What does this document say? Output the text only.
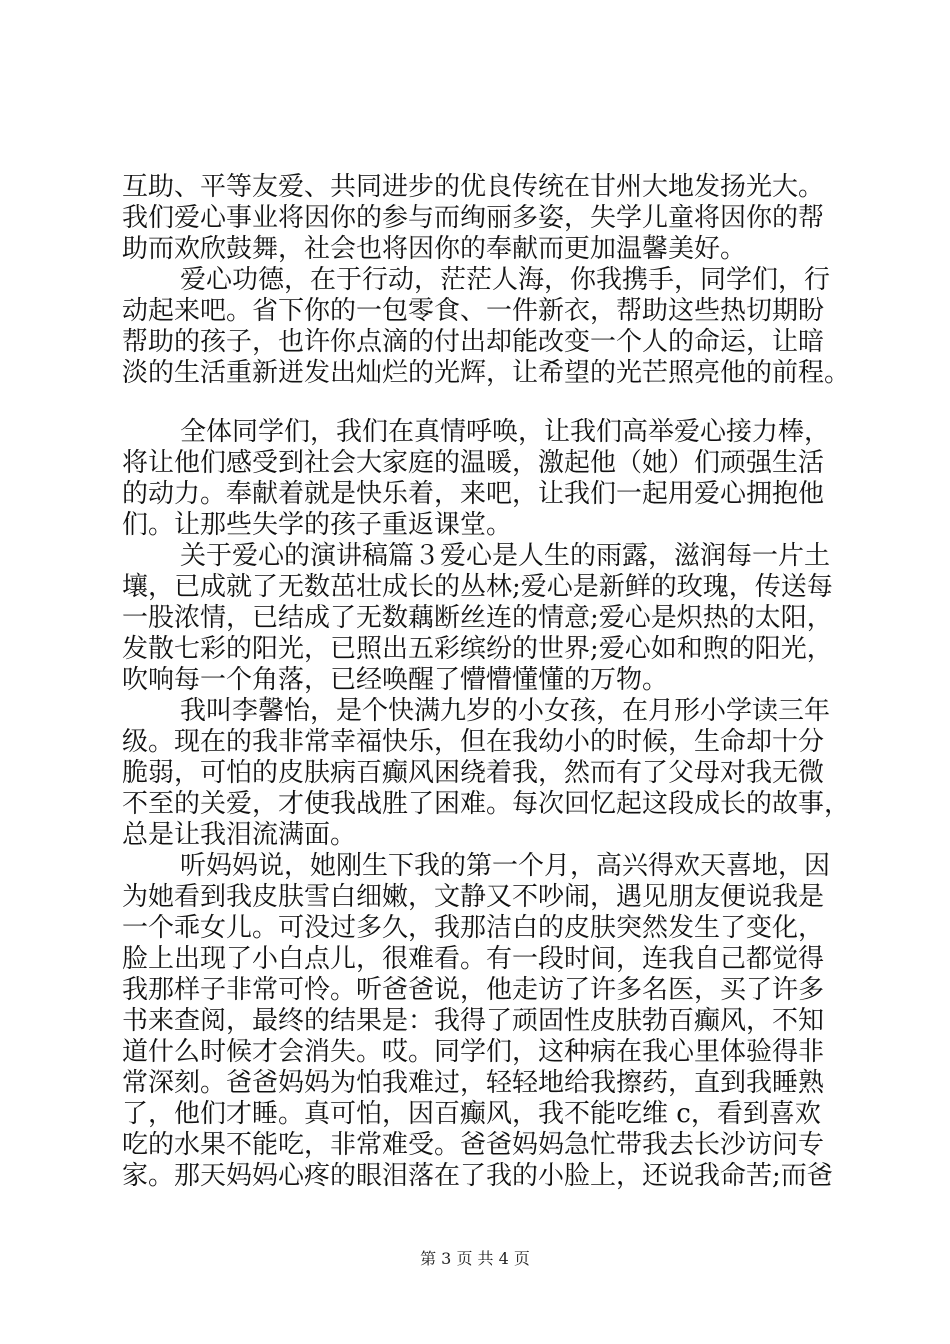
互助、平等友爱、共同进步的优良传统在甘州大地发扬光大。
我们爱心事业将因你的参与而绚丽多姿，失学儿童将因你的帮
助而欢欣鼓舞，社会也将因你的奉献而更加温馨美好。
爱心功德，在于行动，茫茫人海，你我携手，同学们，行
动起来吧。省下你的一包零食、一件新衣，帮助这些热切期盼
帮助的孩子，也许你点滴的付出却能改变一个人的命运，让暗
淡的生活重新迸发出灿烂的光辉，让希望的光芒照亮他的前程。
全体同学们，我们在真情呼唤，让我们高举爱心接力棒，
将让他们感受到社会大家庭的温暖，激起他（她）们顽强生活
的动力。奉献着就是快乐着，来吧，让我们一起用爱心拥抱他
们。让那些失学的孩子重返课堂。
关于爱心的演讲稿篇３爱心是人生的雨露，滋润每一片土
壤，已成就了无数茁壮成长的丛林;爱心是新鲜的玫瑰，传送每
一股浓情，已结成了无数藕断丝连的情意;爱心是炽热的太阳，
发散七彩的阳光，已照出五彩缤纷的世界;爱心如和煦的阳光，
吹响每一个角落，已经唤醒了懵懵懂懂的万物。
我叫李馨怡，是个快满九岁的小女孩，在月形小学读三年
级。现在的我非常幸福快乐，但在我幼小的时候，生命却十分
脆弱，可怕的皮肤病百癫风困绕着我，然而有了父母对我无微
不至的关爱，才使我战胜了困难。每次回忆起这段成长的故事，
总是让我泪流满面。
听妈妈说，她刚生下我的第一个月，高兴得欢天喜地，因
为她看到我皮肤雪白细嫩，文静又不吵闹，遇见朋友便说我是
一个乖女儿。可没过多久，我那洁白的皮肤突然发生了变化，
脸上出现了小白点儿，很难看。有一段时间，连我自己都觉得
我那样子非常可怜。听爸爸说，他走访了许多名医，买了许多
书来查阅，最终的结果是：我得了顽固性皮肤勃百癫风，不知
道什么时候才会消失。哎。同学们，这种病在我心里体验得非
常深刻。爸爸妈妈为怕我难过，轻轻地给我擦药，直到我睡熟
了，他们才睡。真可怕，因百癫风，我不能吃维 c，看到喜欢
吃的水果不能吃，非常难受。爸爸妈妈急忙带我去长沙访问专
家。那天妈妈心疼的眼泪落在了我的小脸上，还说我命苦;而爸
第 3 页 共 4 页
